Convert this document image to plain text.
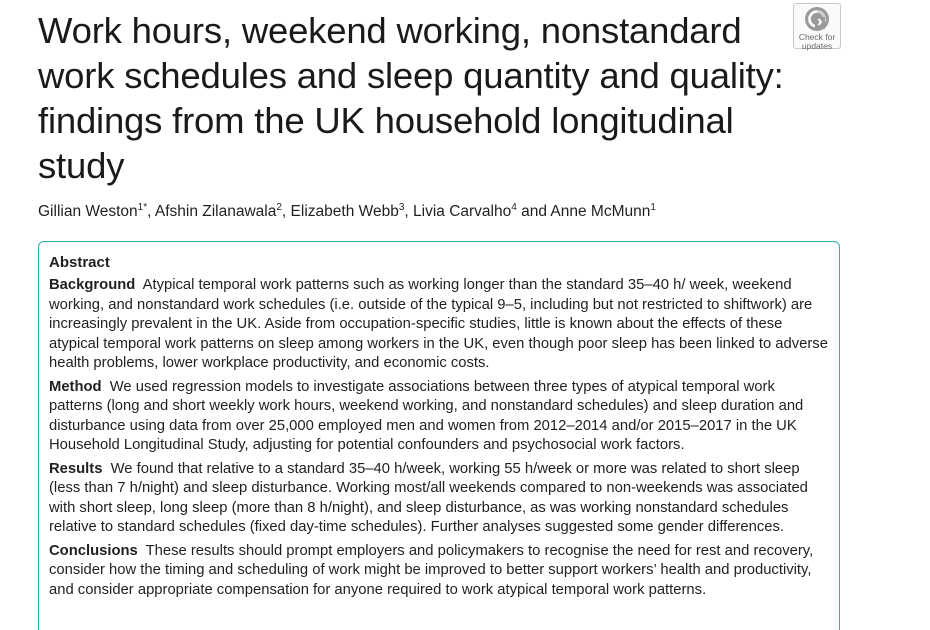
Work hours, weekend working, nonstandard work schedules and sleep quantity and quality: findings from the UK household longitudinal study
Check for
updates
Gillian Weston$^{1*}$, Afshin Zilanawala$^2$, Elizabeth Webb$^3$, Livia Carvalho$^4$ and Anne McMunn$^1$
Abstract
Background Atypical temporal work patterns such as working longer than the standard 35–40 h/ week, weekend working, and nonstandard work schedules (i.e. outside of the typical 9–5, including but not restricted to shiftwork) are increasingly prevalent in the UK. Aside from occupation-specific studies, little is known about the effects of these atypical temporal work patterns on sleep among workers in the UK, even though poor sleep has been linked to adverse health problems, lower workplace productivity, and economic costs.
Method We used regression models to investigate associations between three types of atypical temporal work patterns (long and short weekly work hours, weekend working, and nonstandard schedules) and sleep duration and disturbance using data from over 25,000 employed men and women from 2012–2014 and/or 2015–2017 in the UK Household Longitudinal Study, adjusting for potential confounders and psychosocial work factors.
Results We found that relative to a standard 35–40 h/week, working 55 h/week or more was related to short sleep (less than 7 h/night) and sleep disturbance. Working most/all weekends compared to non-weekends was associated with short sleep, long sleep (more than 8 h/night), and sleep disturbance, as was working nonstandard schedules relative to standard schedules (fixed day-time schedules). Further analyses suggested some gender differences.
Conclusions These results should prompt employers and policymakers to recognise the need for rest and recovery, consider how the timing and scheduling of work might be improved to better support workers’ health and productivity, and consider appropriate compensation for anyone required to work atypical temporal work patterns.
